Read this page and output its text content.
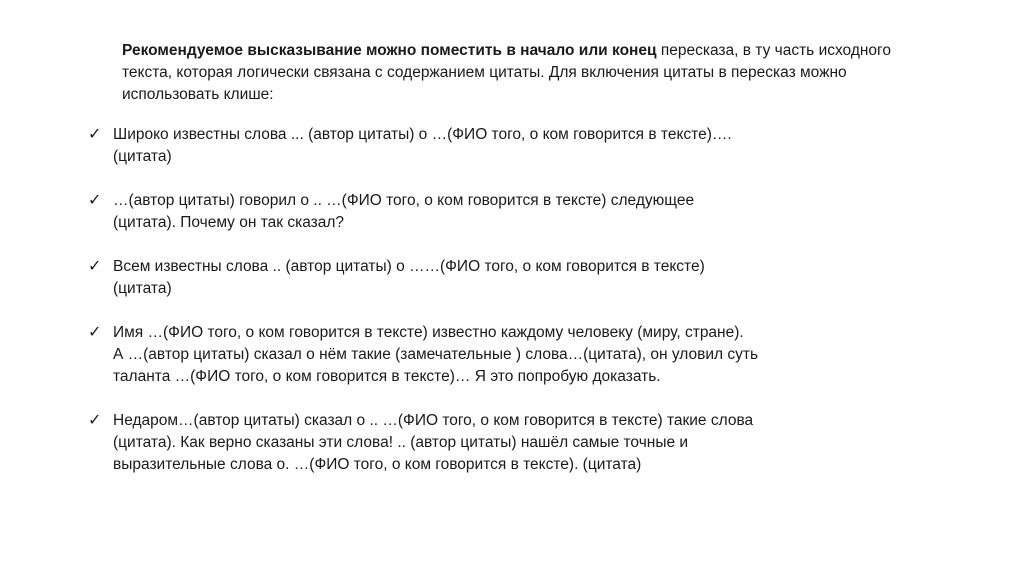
Рекомендуемое высказывание можно поместить в начало или конец пересказа, в ту часть исходного текста, которая логически связана с содержанием цитаты. Для включения цитаты в пересказ можно использовать клише:

✓ Широко известны слова ... (автор цитаты) о …(ФИО того, о ком говорится в тексте)….
(цитата)
✓ …(автор цитаты) говорил о .. …(ФИО того, о ком говорится в тексте) следующее
(цитата). Почему он так сказал?
✓ Всем известны слова .. (автор цитаты) о ……(ФИО того, о ком говорится в тексте)
(цитата)
✓ Имя …(ФИО того, о ком говорится в тексте) известно каждому человеку (миру, стране).
А …(автор цитаты) сказал о нём такие (замечательные ) слова…(цитата), он уловил суть
таланта …(ФИО того, о ком говорится в тексте)… Я это попробую доказать.
✓ Недаром…(автор цитаты) сказал о .. …(ФИО того, о ком говорится в тексте) такие слова
(цитата). Как верно сказаны эти слова! .. (автор цитаты) нашёл самые точные и
выразительные слова о. …(ФИО того, о ком говорится в тексте). (цитата)
